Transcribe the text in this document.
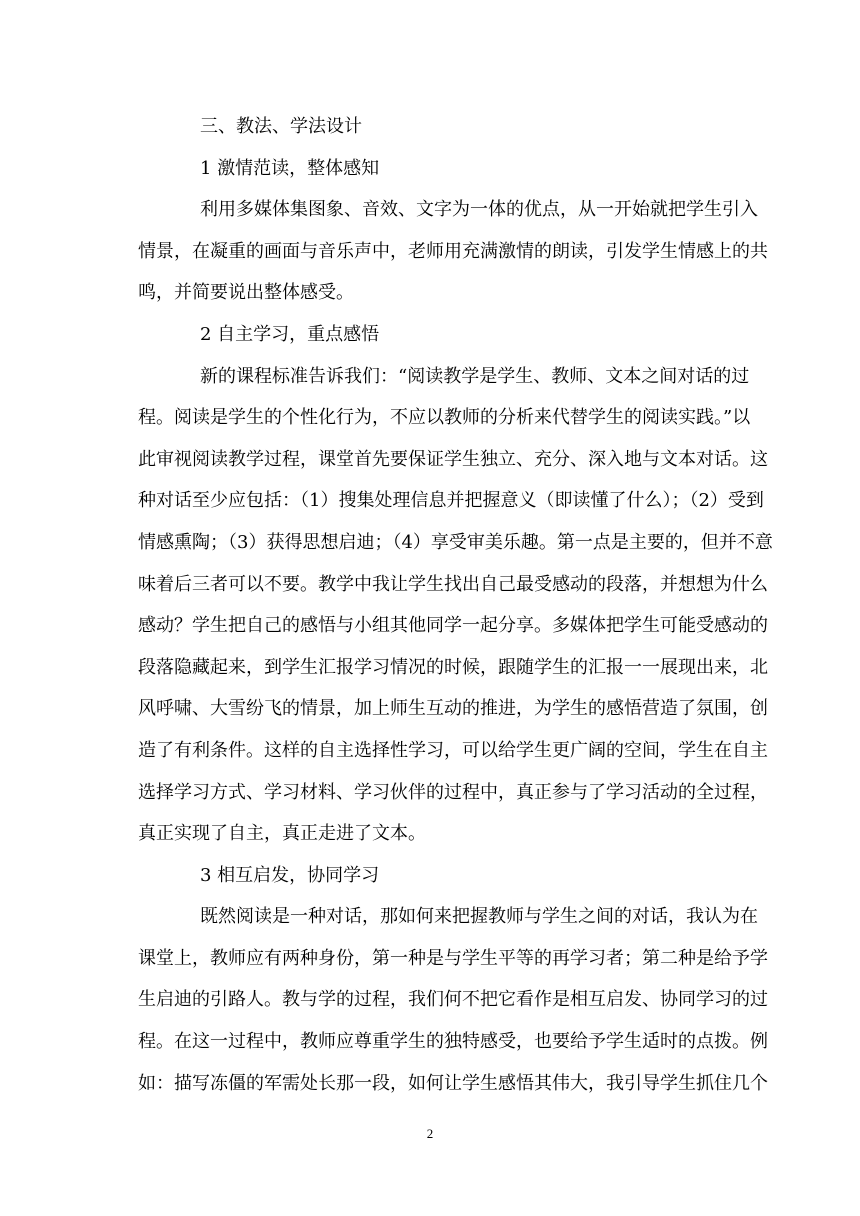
三、教法、学法设计
1 激情范读，整体感知
利用多媒体集图象、音效、文字为一体的优点，从一开始就把学生引入
情景，在凝重的画面与音乐声中，老师用充满激情的朗读，引发学生情感上的共
鸣，并简要说出整体感受。
2 自主学习，重点感悟
新的课程标准告诉我们：“阅读教学是学生、教师、文本之间对话的过
程。阅读是学生的个性化行为，不应以教师的分析来代替学生的阅读实践。”以
此审视阅读教学过程，课堂首先要保证学生独立、充分、深入地与文本对话。这
种对话至少应包括：（1）搜集处理信息并把握意义（即读懂了什么）；（2）受到
情感熏陶；（3）获得思想启迪；（4）享受审美乐趣。第一点是主要的，但并不意
味着后三者可以不要。教学中我让学生找出自己最受感动的段落，并想想为什么
感动？学生把自己的感悟与小组其他同学一起分享。多媒体把学生可能受感动的
段落隐藏起来，到学生汇报学习情况的时候，跟随学生的汇报一一展现出来，北
风呼啸、大雪纷飞的情景，加上师生互动的推进，为学生的感悟营造了氛围，创
造了有利条件。这样的自主选择性学习，可以给学生更广阔的空间，学生在自主
选择学习方式、学习材料、学习伙伴的过程中，真正参与了学习活动的全过程，
真正实现了自主，真正走进了文本。
3 相互启发，协同学习
既然阅读是一种对话，那如何来把握教师与学生之间的对话，我认为在
课堂上，教师应有两种身份，第一种是与学生平等的再学习者；第二种是给予学
生启迪的引路人。教与学的过程，我们何不把它看作是相互启发、协同学习的过
程。在这一过程中，教师应尊重学生的独特感受，也要给予学生适时的点拨。例
如：描写冻僵的军需处长那一段，如何让学生感悟其伟大，我引导学生抓住几个
2
